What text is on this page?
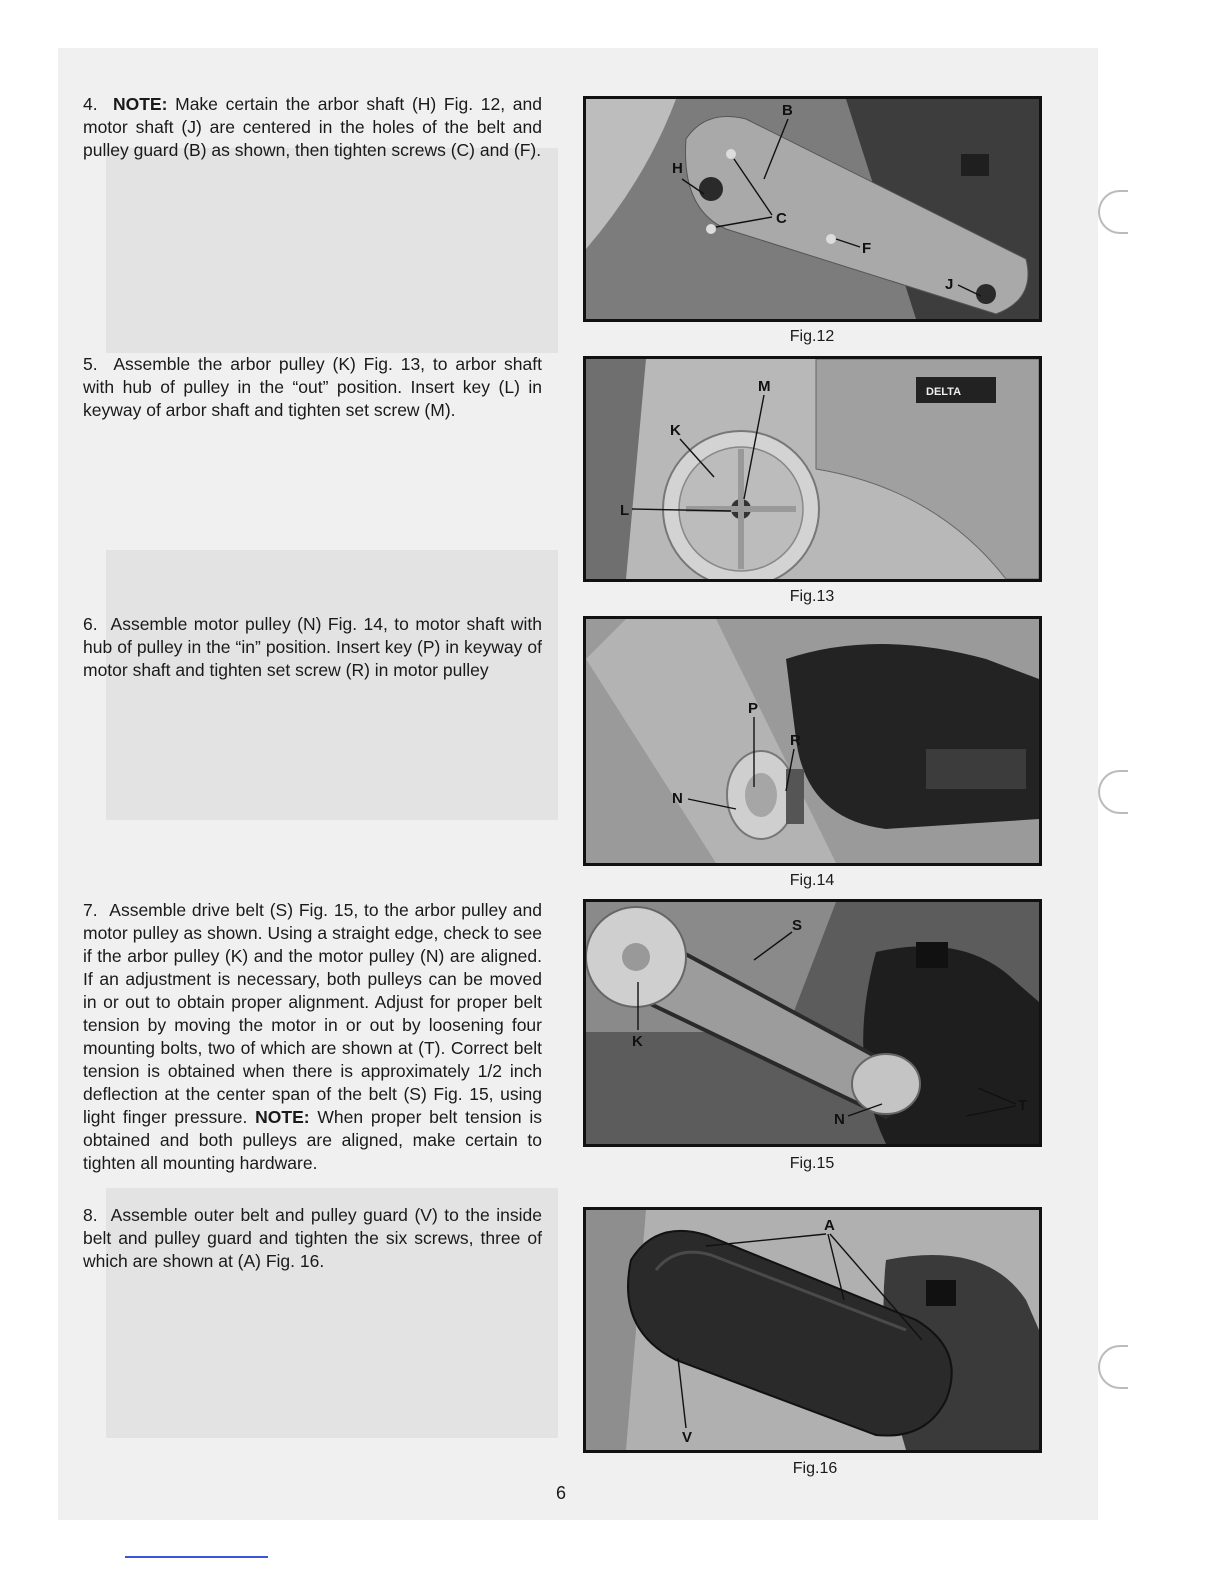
4. NOTE: Make certain the arbor shaft (H) Fig. 12, and motor shaft (J) are centered in the holes of the belt and pulley guard (B) as shown, then tighten screws (C) and (F).

5. Assemble the arbor pulley (K) Fig. 13, to arbor shaft with hub of pulley in the “out” position. Insert key (L) in keyway of arbor shaft and tighten set screw (M).

6. Assemble motor pulley (N) Fig. 14, to motor shaft with hub of pulley in the “in” position. Insert key (P) in keyway of motor shaft and tighten set screw (R) in motor pulley

7. Assemble drive belt (S) Fig. 15, to the arbor pulley and motor pulley as shown. Using a straight edge, check to see if the arbor pulley (K) and the motor pulley (N) are aligned. If an adjustment is necessary, both pulleys can be moved in or out to obtain proper alignment. Adjust for proper belt tension by moving the motor in or out by loosening four mounting bolts, two of which are shown at (T). Correct belt tension is obtained when there is approximately 1/2 inch deflection at the center span of the belt (S) Fig. 15, using light finger pressure. NOTE: When proper belt tension is obtained and both pulleys are aligned, make certain to tighten all mounting hardware.

8. Assemble outer belt and pulley guard (V) to the inside belt and pulley guard and tighten the six screws, three of which are shown at (A) Fig. 16.

B
H
C
F
J
Fig.12
DELTA
M
K
L
Fig.13
P
R
N
Fig.14
S
K
N
T
Fig.15
A
V
Fig.16
6
